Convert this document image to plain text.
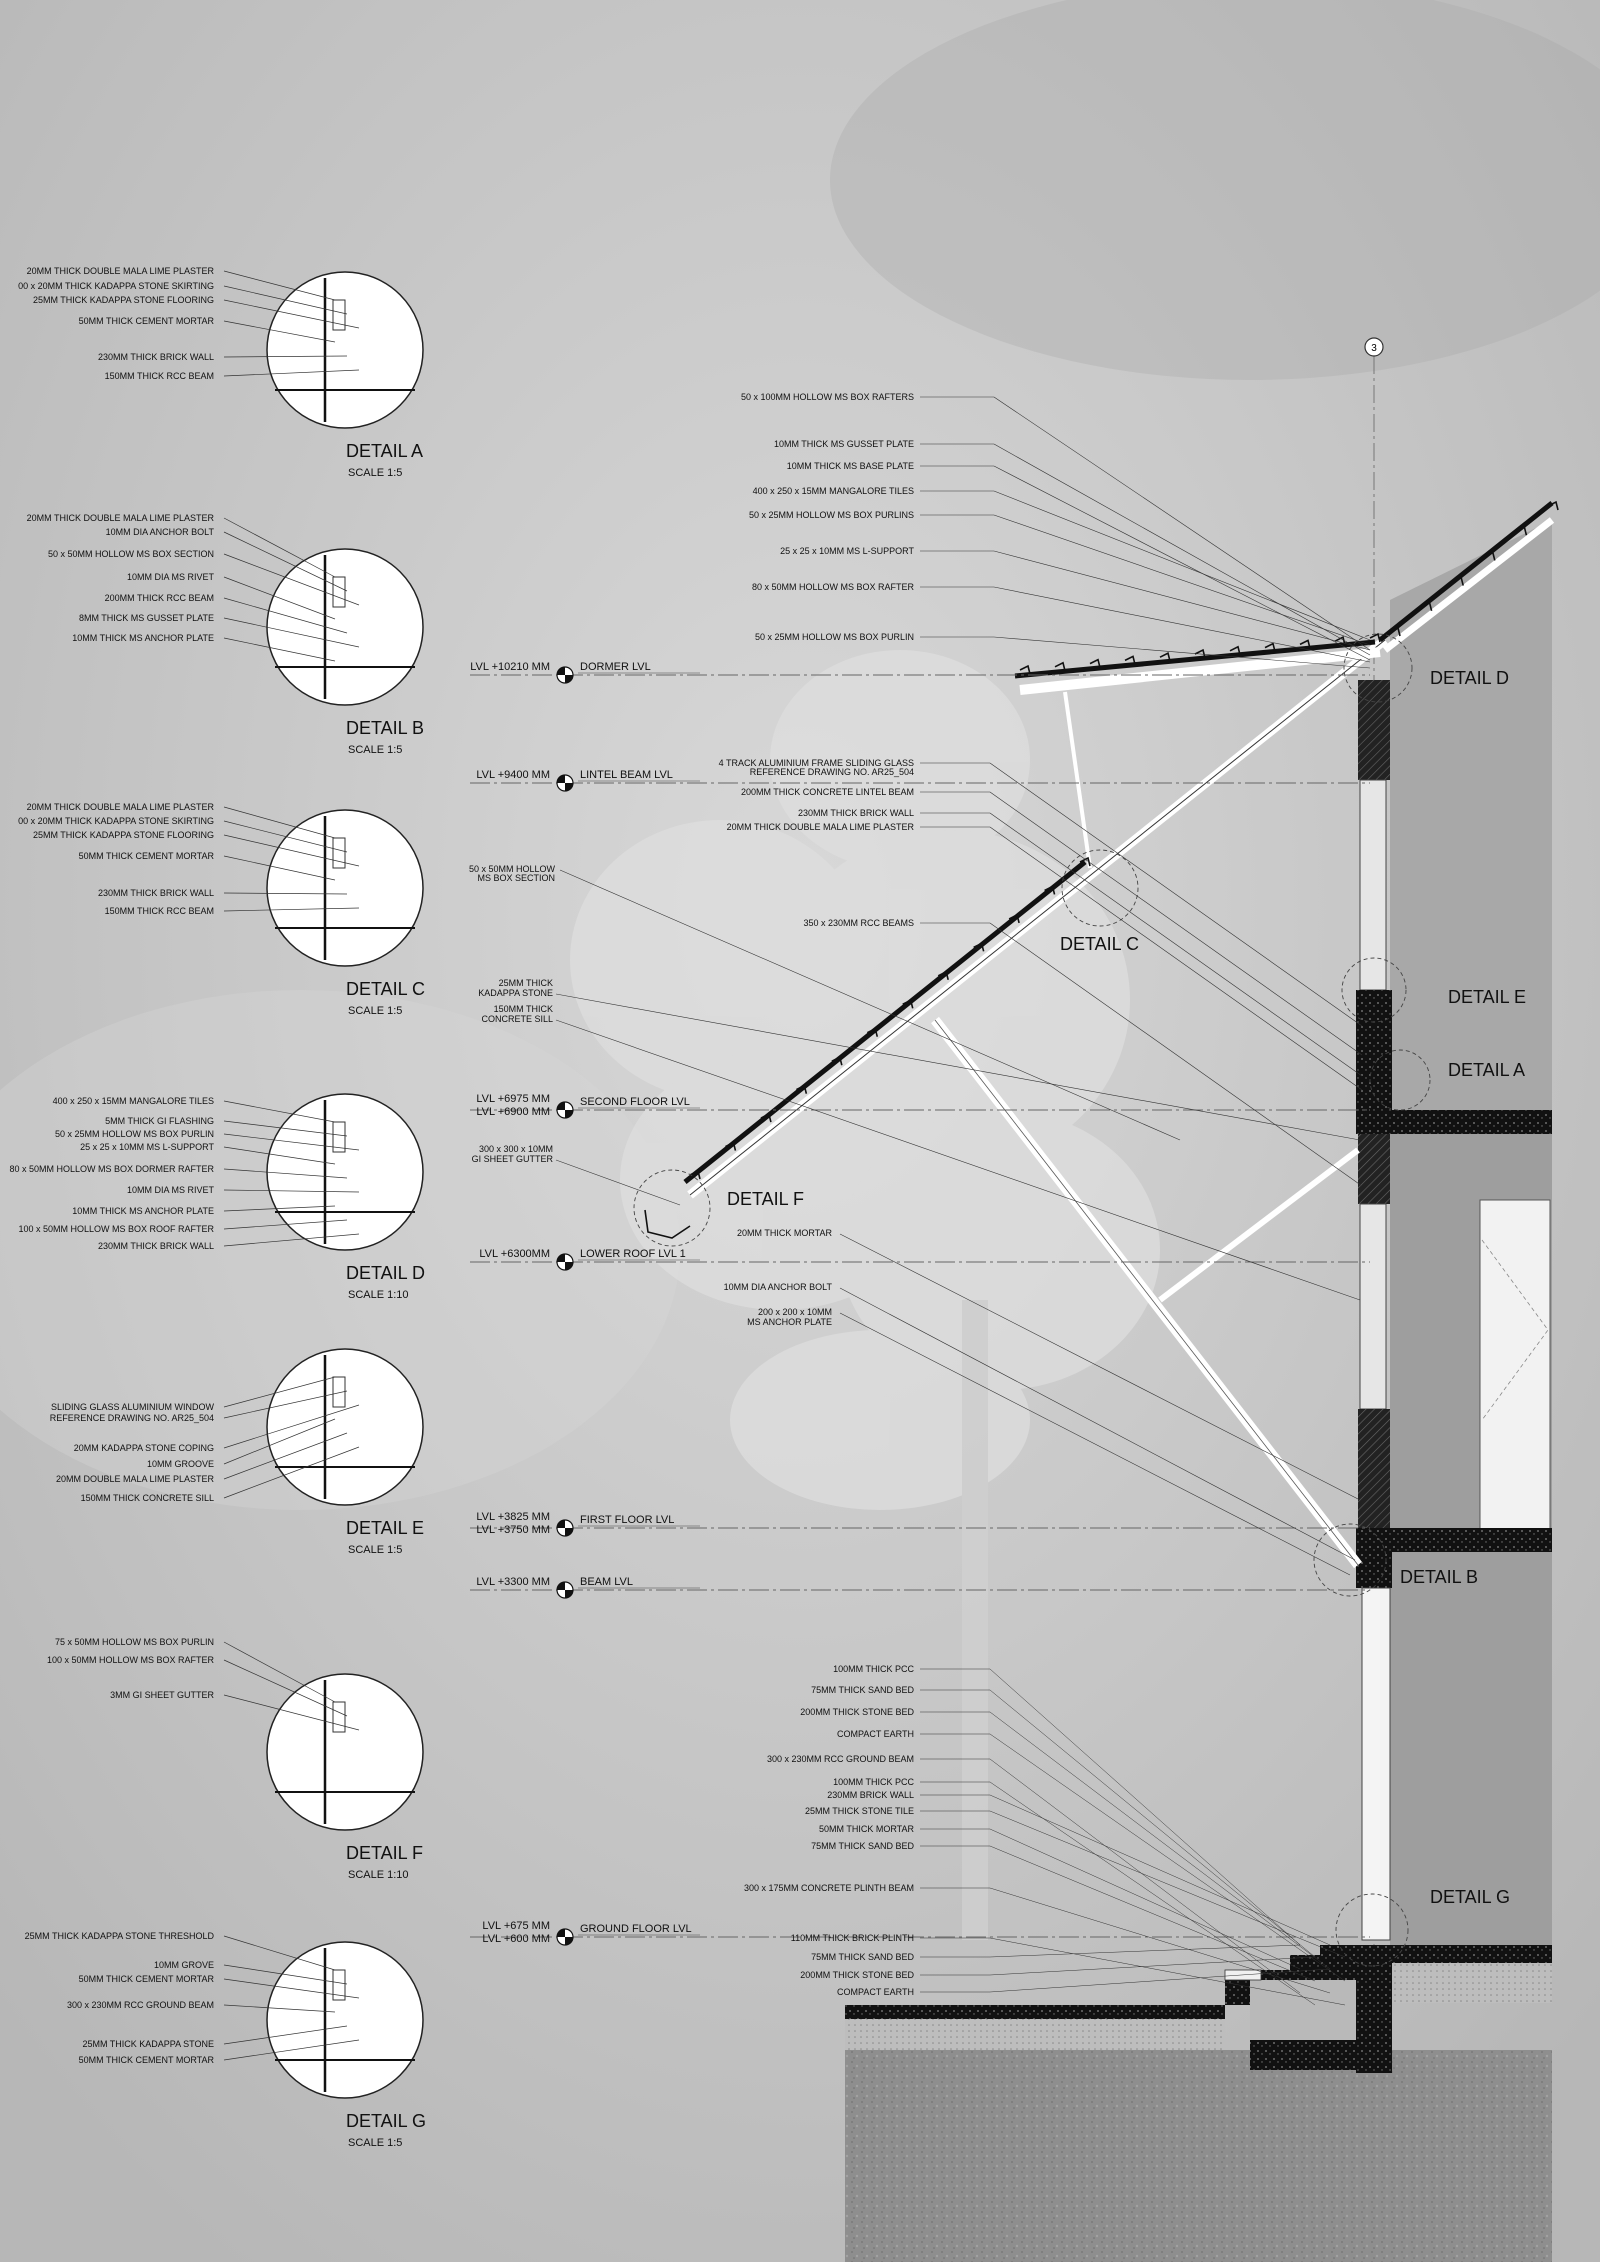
3
DETAIL D
DETAIL C
DETAIL E
DETAIL A
DETAIL F
DETAIL B
DETAIL G
LVL +10210 MM	DORMER LVL
LVL +9400 MM	LINTEL BEAM LVL
LVL +6975 MM
LVL +6900 MM
SECOND FLOOR LVL
LVL +6300MM	LOWER ROOF LVL 1
LVL +3825 MM
LVL +3750 MM
FIRST FLOOR LVL
LVL +3300 MM	BEAM LVL
LVL +675 MM
LVL +600 MM
GROUND FLOOR LVL
20MM THICK DOUBLE MALA LIME PLASTER
00 x 20MM THICK KADAPPA STONE SKIRTING
25MM THICK KADAPPA STONE FLOORING
50MM THICK CEMENT MORTAR
230MM THICK BRICK WALL
150MM THICK RCC BEAM
DETAIL A
SCALE 1:5
20MM THICK DOUBLE MALA LIME PLASTER
10MM DIA ANCHOR BOLT
50 x 50MM HOLLOW MS BOX SECTION
10MM DIA MS RIVET
200MM THICK RCC BEAM
8MM THICK MS GUSSET PLATE
10MM THICK MS ANCHOR PLATE
DETAIL B
SCALE 1:5
20MM THICK DOUBLE MALA LIME PLASTER
00 x 20MM THICK KADAPPA STONE SKIRTING
25MM THICK KADAPPA STONE FLOORING
50MM THICK CEMENT MORTAR
230MM THICK BRICK WALL
150MM THICK RCC BEAM
DETAIL C
SCALE 1:5
400 x 250 x 15MM MANGALORE TILES
5MM THICK GI FLASHING
50 x 25MM HOLLOW MS BOX PURLIN
25 x 25 x 10MM MS L-SUPPORT
80 x 50MM HOLLOW MS BOX DORMER RAFTER
10MM DIA MS RIVET
10MM THICK MS ANCHOR PLATE
100 x 50MM HOLLOW MS BOX ROOF RAFTER
230MM THICK BRICK WALL
DETAIL D
SCALE 1:10
SLIDING GLASS ALUMINIUM WINDOW
REFERENCE DRAWING NO. AR25_504
20MM KADAPPA STONE COPING
10MM GROOVE
20MM DOUBLE MALA LIME PLASTER
150MM THICK CONCRETE SILL
DETAIL E
SCALE 1:5
75 x 50MM HOLLOW MS BOX PURLIN
100 x 50MM HOLLOW MS BOX RAFTER
3MM GI SHEET GUTTER
DETAIL F
SCALE 1:10
25MM THICK KADAPPA STONE THRESHOLD
10MM GROVE
50MM THICK CEMENT MORTAR
300 x 230MM RCC GROUND BEAM
25MM THICK KADAPPA STONE
50MM THICK CEMENT MORTAR
DETAIL G
SCALE 1:5
50 x 100MM HOLLOW MS BOX RAFTERS
10MM THICK MS GUSSET PLATE
10MM THICK MS BASE PLATE
400 x 250 x 15MM MANGALORE TILES
50 x 25MM HOLLOW MS BOX PURLINS
25 x 25 x 10MM MS L-SUPPORT
80 x 50MM HOLLOW MS BOX RAFTER
50 x 25MM HOLLOW MS BOX PURLIN
4 TRACK ALUMINIUM FRAME SLIDING GLASS
REFERENCE DRAWING NO. AR25_504
200MM THICK CONCRETE LINTEL BEAM
230MM THICK BRICK WALL
20MM THICK DOUBLE MALA LIME PLASTER
350 x 230MM RCC BEAMS
50 x 50MM HOLLOW
MS BOX SECTION
25MM THICK
KADAPPA STONE
150MM THICK
CONCRETE SILL
300 x 300 x 10MM
GI SHEET GUTTER
20MM THICK MORTAR
10MM DIA ANCHOR BOLT
200 x 200 x 10MM
MS ANCHOR PLATE
100MM THICK PCC
75MM THICK SAND BED
200MM THICK STONE BED
COMPACT EARTH
300 x 230MM RCC GROUND BEAM
100MM THICK PCC
230MM BRICK WALL
25MM THICK STONE TILE
50MM THICK MORTAR
75MM THICK SAND BED
300 x 175MM CONCRETE PLINTH BEAM
110MM THICK BRICK PLINTH
75MM THICK SAND BED
200MM THICK STONE BED
COMPACT EARTH
